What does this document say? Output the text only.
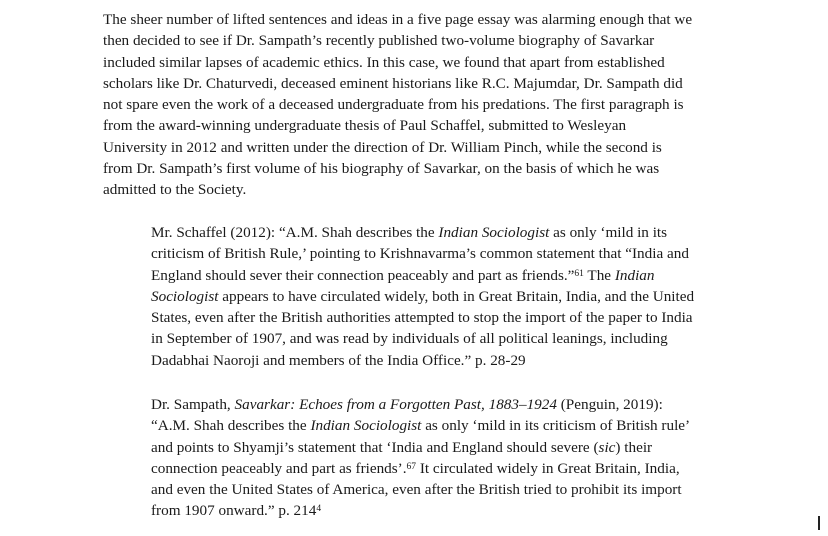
The sheer number of lifted sentences and ideas in a five page essay was alarming enough that we
then decided to see if Dr. Sampath’s recently published two-volume biography of Savarkar
included similar lapses of academic ethics. In this case, we found that apart from established
scholars like Dr. Chaturvedi, deceased eminent historians like R.C. Majumdar, Dr. Sampath did
not spare even the work of a deceased undergraduate from his predations. The first paragraph is
from the award-winning undergraduate thesis of Paul Schaffel, submitted to Wesleyan
University in 2012 and written under the direction of Dr. William Pinch, while the second is
from Dr. Sampath’s first volume of his biography of Savarkar, on the basis of which he was
admitted to the Society.

Mr. Schaffel (2012): “A.M. Shah describes the Indian Sociologist as only ‘mild in its
criticism of British Rule,’ pointing to Krishnavarma’s common statement that “India and
England should sever their connection peaceably and part as friends.”$^{61}$ The Indian
Sociologist appears to have circulated widely, both in Great Britain, India, and the United
States, even after the British authorities attempted to stop the import of the paper to India
in September of 1907, and was read by individuals of all political leanings, including
Dadabhai Naoroji and members of the India Office.” p. 28-29

Dr. Sampath, Savarkar: Echoes from a Forgotten Past, 1883–1924 (Penguin, 2019):
“A.M. Shah describes the Indian Sociologist as only ‘mild in its criticism of British rule’
and points to Shyamji’s statement that ‘India and England should severe (sic) their
connection peaceably and part as friends’.$^{67}$ It circulated widely in Great Britain, India,
and even the United States of America, even after the British tried to prohibit its import
from 1907 onward.” p. 214$^4$
